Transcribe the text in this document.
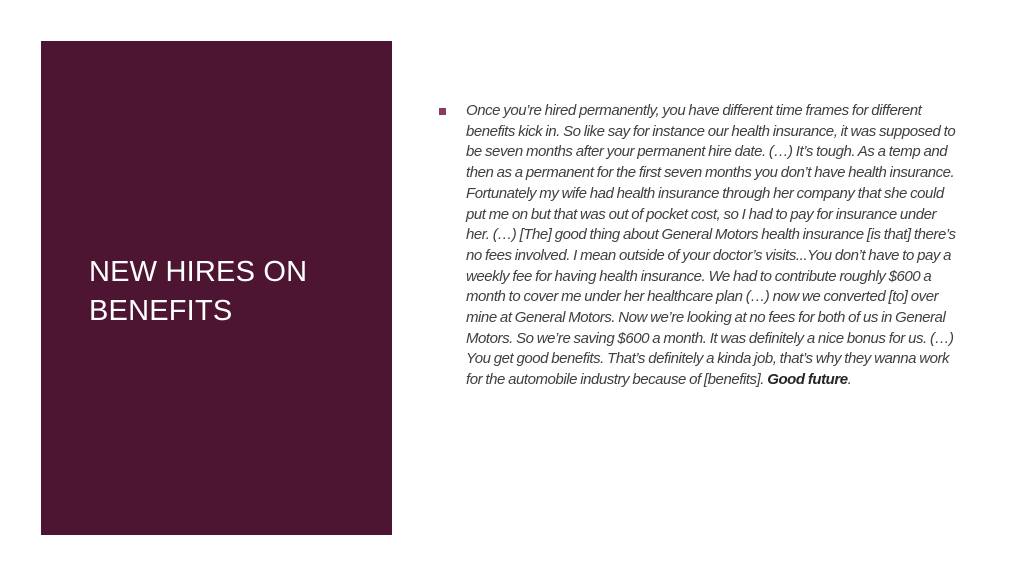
NEW HIRES ON BENEFITS

Once you’re hired permanently, you have different time frames for different benefits kick in. So like say for instance our health insurance, it was supposed to be seven months after your permanent hire date. (…) It’s tough. As a temp and then as a permanent for the first seven months you don’t have health insurance. Fortunately my wife had health insurance through her company that she could put me on but that was out of pocket cost, so I had to pay for insurance under her. (…) [The] good thing about General Motors health insurance [is that] there’s no fees involved. I mean outside of your doctor’s visits...You don’t have to pay a weekly fee for having health insurance. We had to contribute roughly $600 a month to cover me under her healthcare plan (…) now we converted [to] over mine at General Motors. Now we’re looking at no fees for both of us in General Motors. So we’re saving $600 a month. It was definitely a nice bonus for us. (…) You get good benefits. That’s definitely a kinda job, that’s why they wanna work for the automobile industry because of [benefits]. Good future.
